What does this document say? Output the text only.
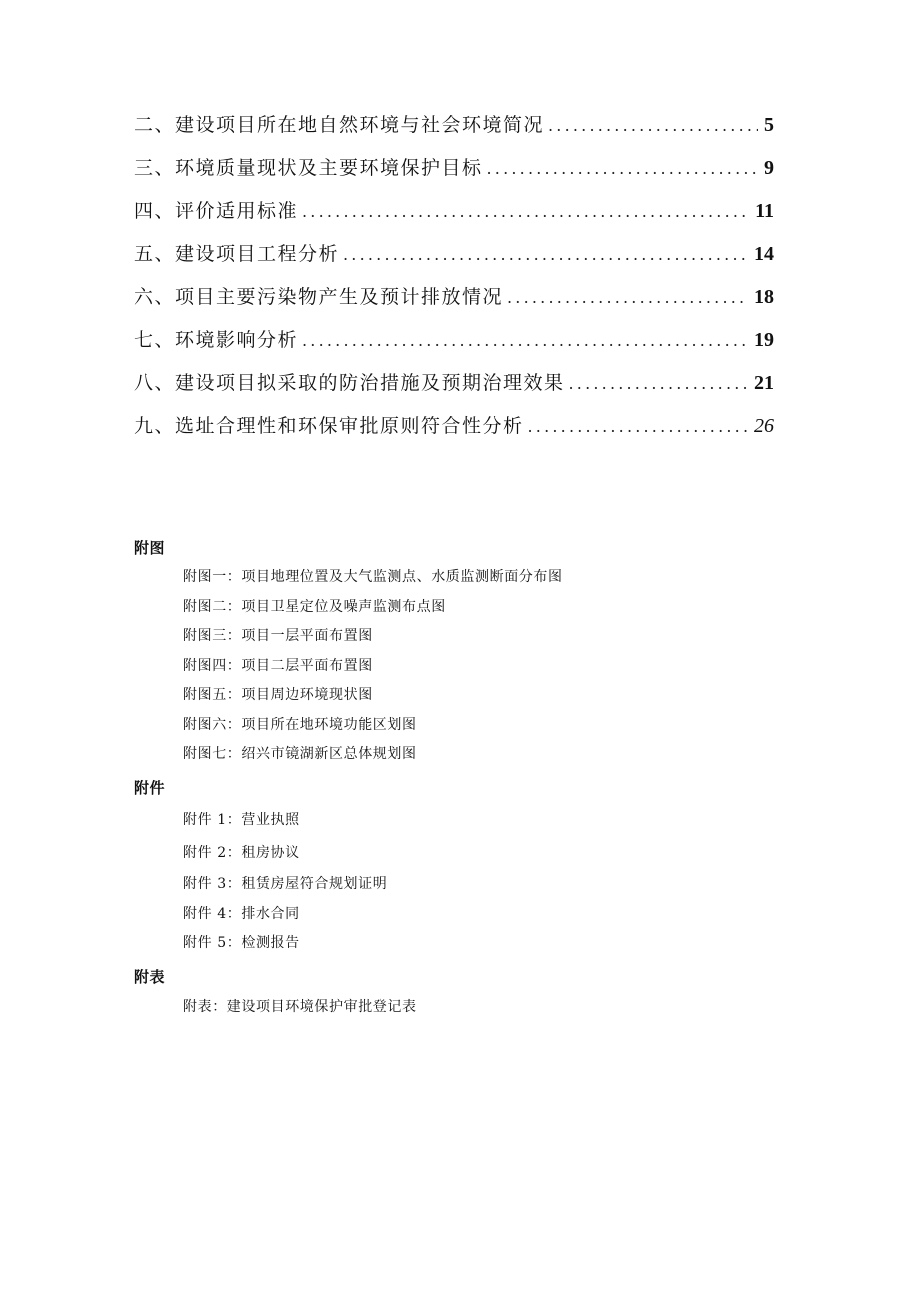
二、建设项目所在地自然环境与社会环境简况 .....	5
三、环境质量现状及主要环境保护目标 .....	9
四、评价适用标准 .....	11
五、建设项目工程分析 .....	14
六、项目主要污染物产生及预计排放情况 .....	18
七、环境影响分析 .....	19
八、建设项目拟采取的防治措施及预期治理效果 .....	21
九、选址合理性和环保审批原则符合性分析 .....	26
附图
附图一：项目地理位置及大气监测点、水质监测断面分布图
附图二：项目卫星定位及噪声监测布点图
附图三：项目一层平面布置图
附图四：项目二层平面布置图
附图五：项目周边环境现状图
附图六：项目所在地环境功能区划图
附图七：绍兴市镜湖新区总体规划图
附件
附件 1：营业执照
附件 2：租房协议
附件 3：租赁房屋符合规划证明
附件 4：排水合同
附件 5：检测报告
附表
附表：建设项目环境保护审批登记表
